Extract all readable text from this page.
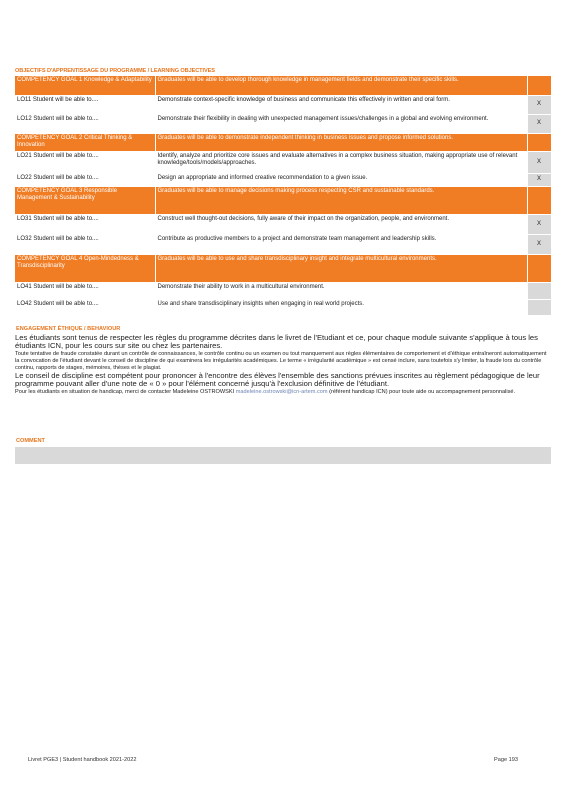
OBJECTIFS D'APPRENTISSAGE DU PROGRAMME / LEARNING OBJECTIVES
COMPETENCY GOAL 1 Knowledge & Adaptability	Graduates will be able to develop thorough knowledge in management fields and demonstrate their specific skills.	
LO11 Student will be able to....	Demonstrate context-specific knowledge of business and communicate this effectively in written and oral form.	X
LO12 Student will be able to....	Demonstrate their flexibility in dealing with unexpected management issues/challenges in a global and evolving environment.	X
COMPETENCY GOAL 2 Critical Thinking & Innovation	Graduates will be able to demonstrate independent thinking in business issues and propose informed solutions.	
LO21 Student will be able to....	Identify, analyze and prioritize core issues and evaluate alternatives in a complex business situation, making appropriate use of relevant knowledge/tools/models/approaches.	X
LO22 Student will be able to....	Design an appropriate and informed creative recommendation to a given issue.	X
COMPETENCY GOAL 3 Responsible Management & Sustainability	Graduates will be able to manage decisions making process respecting CSR and sustainable standards.	
LO31 Student will be able to....	Construct well thought-out decisions, fully aware of their impact on the organization, people, and environment.	X
LO32 Student will be able to....	Contribute as productive members to a project and demonstrate team management and leadership skills.	X
COMPETENCY GOAL 4 Open-Mindedness & Transdisciplinarity	Graduates will be able to use and share transdisciplinary insight and integrate multicultural environments.	
LO41 Student will be able to....	Demonstrate their ability to work in a multicultural environment.	
LO42 Student will be able to....	Use and share transdisciplinary insights when engaging in real world projects.	
ENGAGEMENT ÉTHIQUE / BEHAVIOUR

Les étudiants sont tenus de respecter les règles du programme décrites dans le livret de l'Etudiant et ce, pour chaque module suivante s'applique à tous les étudiants ICN, pour les cours sur site ou chez les partenaires.

Toute tentative de fraude constatée durant un contrôle de connaissances, le contrôle continu ou un examen ou tout manquement aux règles élémentaires de comportement et d'éthique entraîneront automatiquement la convocation de l'étudiant devant le conseil de discipline de qui examinera les irrégularités académiques. Le terme « irrégularité académique » est censé inclure, sans toutefois s'y limiter, la fraude lors du contrôle continu, rapports de stages, mémoires, thèses et le plagiat.

Le conseil de discipline est compétent pour prononcer à l'encontre des élèves l'ensemble des sanctions prévues inscrites au règlement pédagogique de leur programme pouvant aller d'une note de « 0 » pour l'élément concerné jusqu'à l'exclusion définitive de l'étudiant.

Pour les étudiants en situation de handicap, merci de contacter Madeleine OSTROWSKI madeleine.ostrowski@icn-artem.com (référent handicap ICN) pour toute aide ou accompagnement personnalisé.

COMMENT
Livret PGE3 | Student handbook 2021-2022	Page 193
